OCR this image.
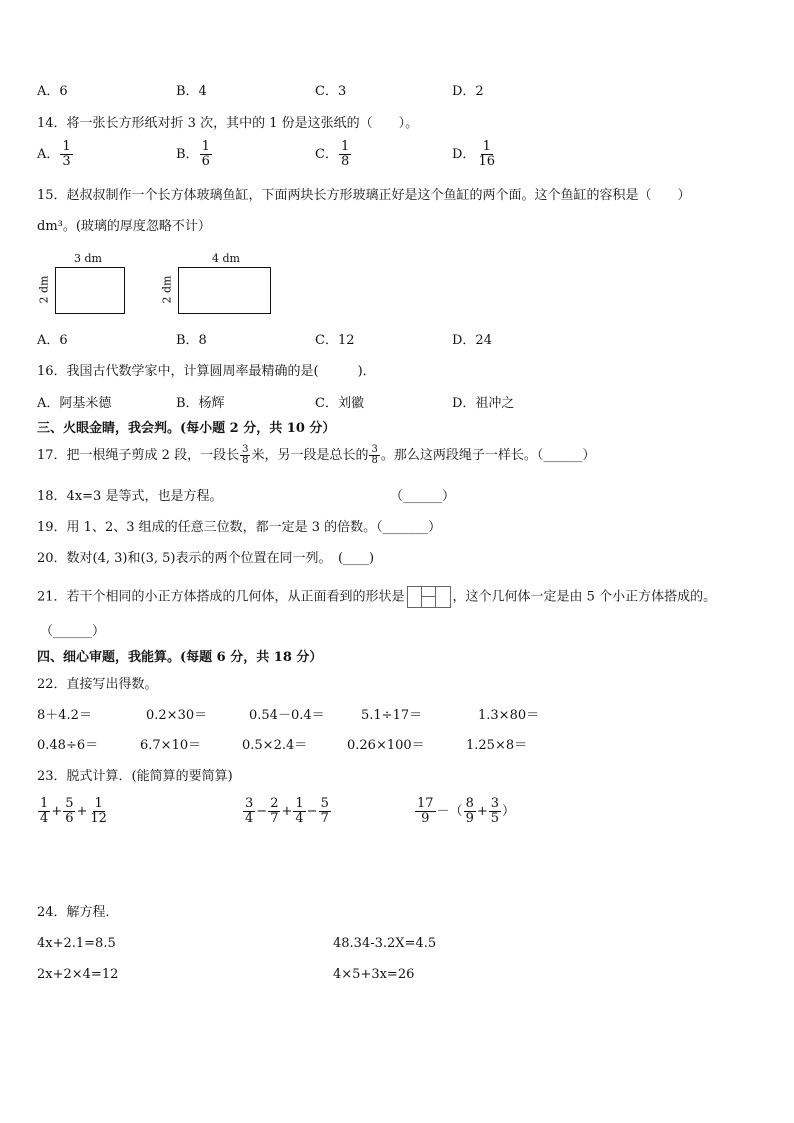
A．6	B．4	C．3	D．2
14．将一张长方形纸对折 3 次，其中的 1 份是这张纸的（　　）。
A． $\frac{1}{3}$	B． $\frac{1}{6}$	C． $\frac{1}{8}$	D． $\frac{1}{16}$
15．赵叔叔制作一个长方体玻璃鱼缸，下面两块长方形玻璃正好是这个鱼缸的两个面。这个鱼缸的容积是（　　）
dm³。(玻璃的厚度忽略不计）
3 dm
2 dm
4 dm
2 dm
A．6	B．8	C．12	D．24
16．我国古代数学家中，计算圆周率最精确的是(　　　)．
A．阿基米德	B．杨辉	C．刘徽	D．祖冲之
三、火眼金睛，我会判。(每小题 2 分，共 10 分）
17．把一根绳子剪成 2 段，一段长 $\frac{3}{8}$ 米，另一段是总长的 $\frac{3}{8}$ 。那么这两段绳子一样长。（______）
18．4x=3 是等式，也是方程。	（______）
19．用 1、2、3 组成的任意三位数，都一定是 3 的倍数。（_______）
20．数对(4, 3)和(3, 5)表示的两个位置在同一列。　(____)
21．若干个相同的小正方体搭成的几何体，从正面看到的形状是	，这个几何体一定是由 5 个小正方体搭成的。
（______）
四、细心审题，我能算。(每题 6 分，共 18 分）
22．直接写出得数。
8＋4.2＝	0.2×30＝	0.54－0.4＝	5.1÷17＝	1.3×80＝
0.48÷6＝	6.7×10＝	0.5×2.4＝	0.26×100＝	1.25×8＝
23．脱式计算．(能简算的要简算)
$\frac{1}{4} + \frac{5}{6} + \frac{1}{12}$	$\frac{3}{4} - \frac{2}{7} + \frac{1}{4} - \frac{5}{7}$	$\frac{17}{9}$ －（ $\frac{8}{9} + \frac{3}{5}$ ）
24．解方程．
4x+2.1=8.5	48.34-3.2X=4.5
2x+2×4=12	4×5+3x=26
